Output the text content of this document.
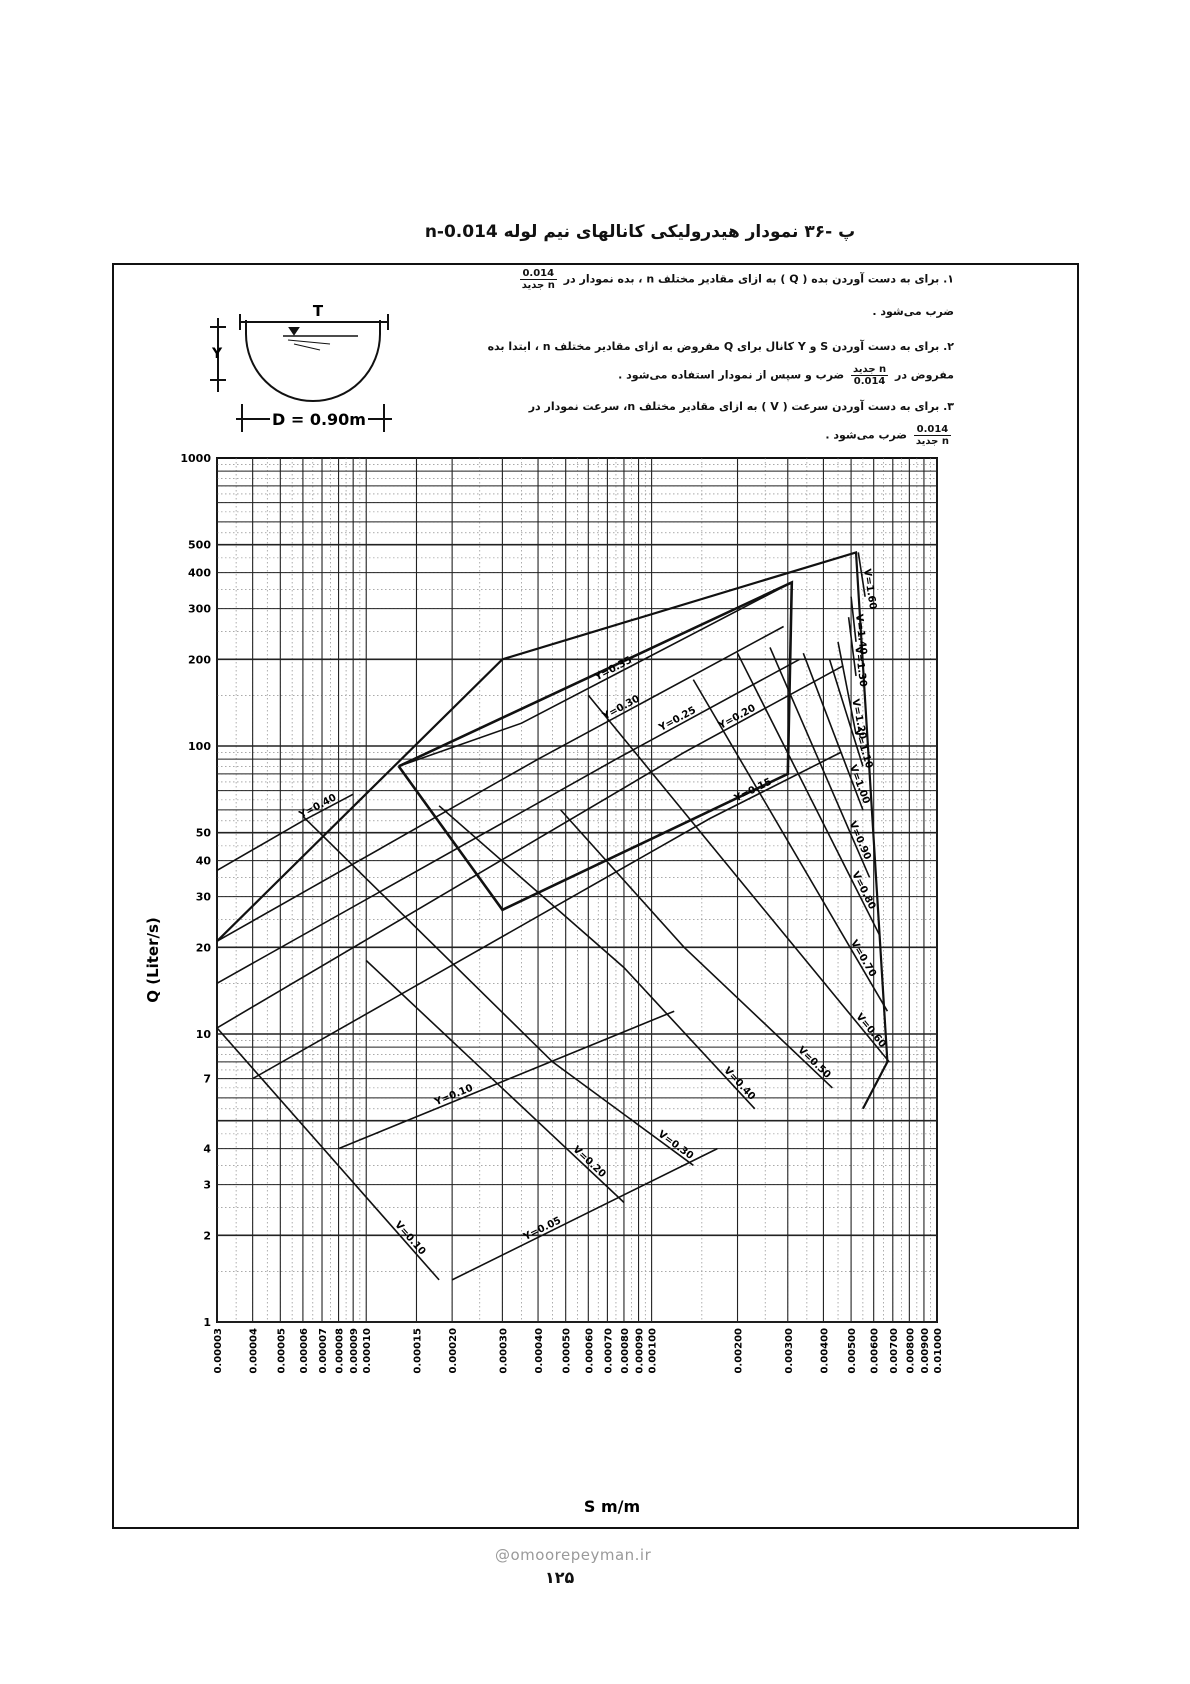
پ -۳۶ نمودار هیدرولیکی کانالهای نیم لوله n-0.014
۱. برای به دست آوردن بده ( Q ) به ازای مقادیر مختلف n ، بده نمودار در
$\frac{0.014}{\text{n جدید}}$
ضرب می‌شود .
۲. برای به دست آوردن S و Y کانال برای Q مفروض به ازای مقادیر مختلف n ، ابتدا بده
مفروض در
$\frac{\text{n جدید}}{0.014}$
ضرب و سپس از نمودار استفاده می‌شود .
۳. برای به دست آوردن سرعت ( V ) به ازای مقادیر مختلف n، سرعت نمودار در
$\frac{0.014}{\text{n جدید}}$
ضرب می‌شود .
T
Y
D = 0.90m
Y=0.10
Y=0.05
Y=0.40
Y=0.35
Y=0.30 Y=0.25 Y=0.20
Y=0.15
V=0.10
V=0.20	V=0.30
V=0.40
V=0.50
V=0.60
V=0.70
V=0.80
V=0.90
V=1.00
V=1.10
V=1.20
V=1.30
V=1.40
V=1.60
1
2
3
4
7
10
20
30
40
50
100
200
300
400
500
1000
0.00003 0.00004 0.00005 0.00006 0.00007 0.00008 0.00009 0.00010	0.00015 0.00020	0.00030 0.00040 0.00050 0.00060 0.00070 0.00080 0.00090 0.00100	0.00200	0.00300 0.00400 0.00500 0.00600 0.00700 0.00800 0.00900 0.01000
Q (Liter/s)
S m/m
@omoorepeyman.ir
۱۲۵
